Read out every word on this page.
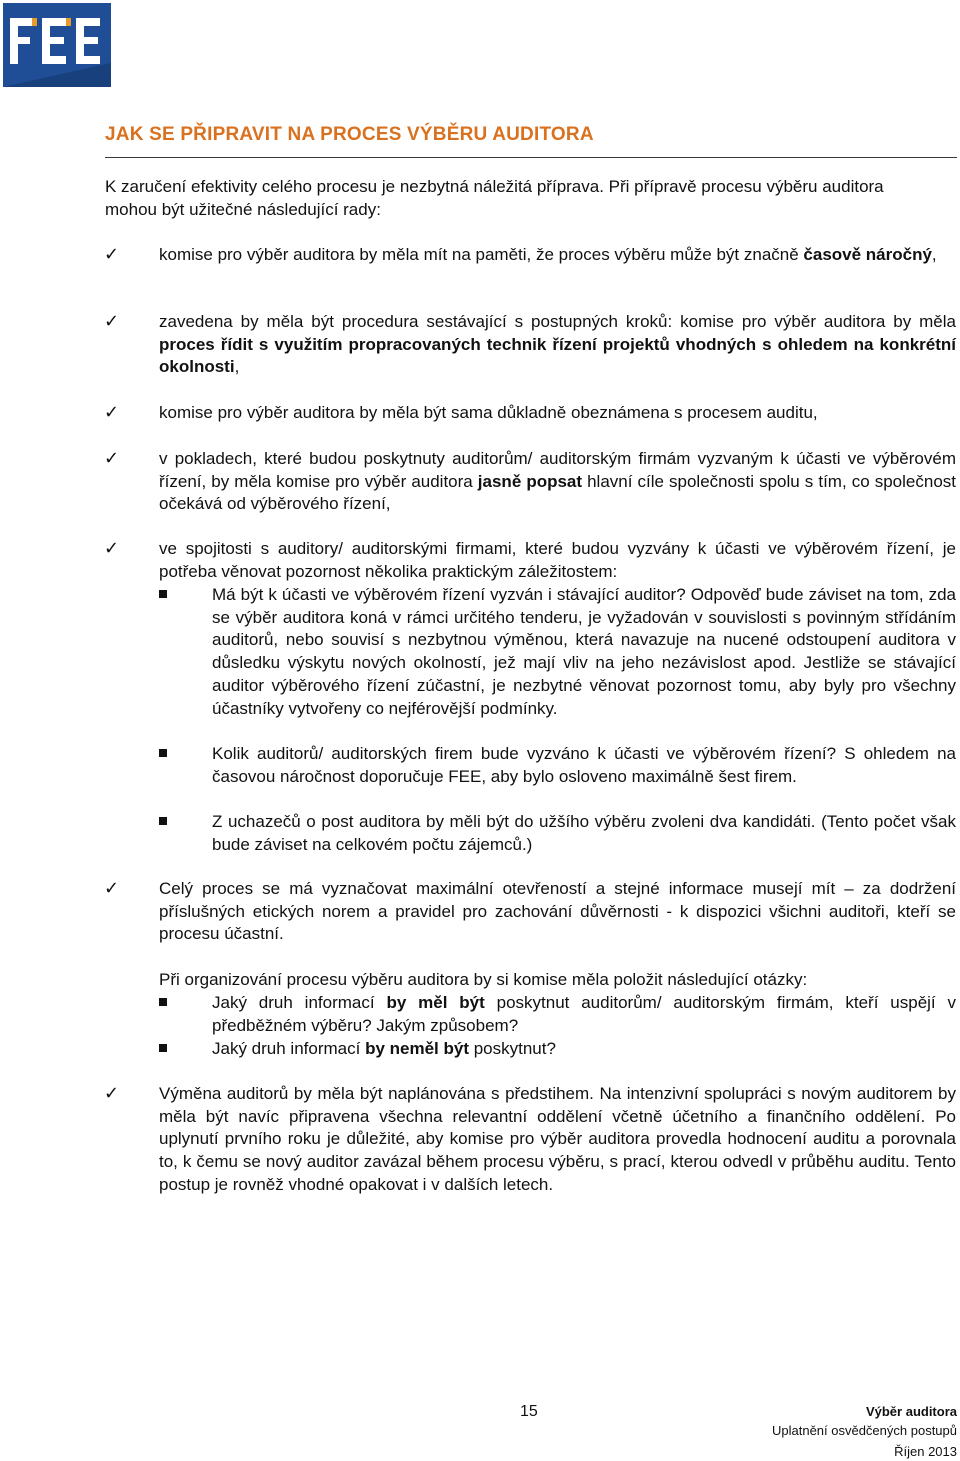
JAK SE PŘIPRAVIT NA PROCES VÝBĚRU AUDITORA

K zaručení efektivity celého procesu je nezbytná náležitá příprava. Při přípravě procesu výběru auditora mohou být užitečné následující rady:

✓ komise pro výběr auditora by měla mít na paměti, že proces výběru může být značně časově náročný,

✓ zavedena by měla být procedura sestávající s postupných kroků: komise pro výběr auditora by měla proces řídit s využitím propracovaných technik řízení projektů vhodných s ohledem na konkrétní okolnosti,

✓ komise pro výběr auditora by měla být sama důkladně obeznámena s procesem auditu,

✓ v pokladech, které budou poskytnuty auditorům/ auditorským firmám vyzvaným k účasti ve výběrovém řízení, by měla komise pro výběr auditora jasně popsat hlavní cíle společnosti spolu s tím, co společnost očekává od výběrového řízení,

✓ ve spojitosti s auditory/ auditorskými firmami, které budou vyzvány k účasti ve výběrovém řízení, je potřeba věnovat pozornost několika praktickým záležitostem:

Má být k účasti ve výběrovém řízení vyzván i stávající auditor? Odpověď bude záviset na tom, zda se výběr auditora koná v rámci určitého tenderu, je vyžadován v souvislosti s povinným střídáním auditorů, nebo souvisí s nezbytnou výměnou, která navazuje na nucené odstoupení auditora v důsledku výskytu nových okolností, jež mají vliv na jeho nezávislost apod. Jestliže se stávající auditor výběrového řízení zúčastní, je nezbytné věnovat pozornost tomu, aby byly pro všechny účastníky vytvořeny co nejférovější podmínky.

Kolik auditorů/ auditorských firem bude vyzváno k účasti ve výběrovém řízení? S ohledem na časovou náročnost doporučuje FEE, aby bylo osloveno maximálně šest firem.

Z uchazečů o post auditora by měli být do užšího výběru zvoleni dva kandidáti. (Tento počet však bude záviset na celkovém počtu zájemců.)

✓ Celý proces se má vyznačovat maximální otevřeností a stejné informace musejí mít – za dodržení příslušných etických norem a pravidel pro zachování důvěrnosti - k dispozici všichni auditoři, kteří se procesu účastní.

Při organizování procesu výběru auditora by si komise měla položit následující otázky:

Jaký druh informací by měl být poskytnut auditorům/ auditorským firmám, kteří uspějí v předběžném výběru? Jakým způsobem?

Jaký druh informací by neměl být poskytnut?

✓ Výměna auditorů by měla být naplánována s předstihem. Na intenzivní spolupráci s novým auditorem by měla být navíc připravena všechna relevantní oddělení včetně účetního a finančního oddělení. Po uplynutí prvního roku je důležité, aby komise pro výběr auditora provedla hodnocení auditu a porovnala to, k čemu se nový auditor zavázal během procesu výběru, s prací, kterou odvedl v průběhu auditu. Tento postup je rovněž vhodné opakovat i v dalších letech.

15	Výběr auditora
Uplatnění osvědčených postupů
Říjen 2013
